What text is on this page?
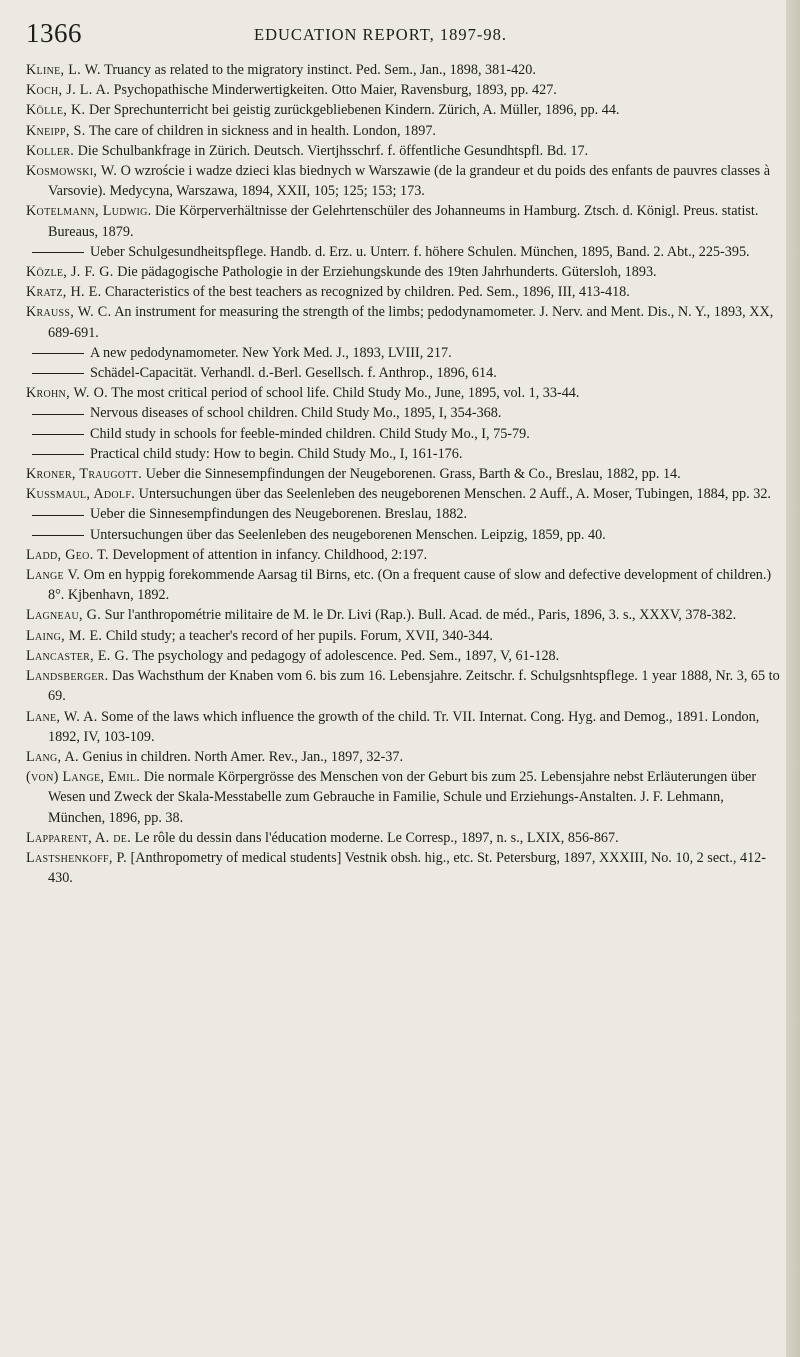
1366	EDUCATION REPORT, 1897-98.

Kline, L. W. Truancy as related to the migratory instinct. Ped. Sem., Jan., 1898, 381-420.

Koch, J. L. A. Psychopathische Minderwertigkeiten. Otto Maier, Ravensburg, 1893, pp. 427.

Kölle, K. Der Sprechunterricht bei geistig zurückgebliebenen Kindern. Zürich, A. Müller, 1896, pp. 44.

Kneipp, S. The care of children in sickness and in health. London, 1897.

Koller. Die Schulbankfrage in Zürich. Deutsch. Viertjhsschrf. f. öffentliche Gesundhtspfl. Bd. 17.

Kosmowski, W. O wzroście i wadze dzieci klas biednych w Warszawie (de la grandeur et du poids des enfants de pauvres classes à Varsovie). Medycyna, Warszawa, 1894, XXII, 105; 125; 153; 173.

Kotelmann, Ludwig. Die Körperverhältnisse der Gelehrtenschüler des Johanneums in Hamburg. Ztsch. d. Königl. Preus. statist. Bureaus, 1879.

Ueber Schulgesundheitspflege. Handb. d. Erz. u. Unterr. f. höhere Schulen. München, 1895, Band. 2. Abt., 225-395.

Közle, J. F. G. Die pädagogische Pathologie in der Erziehungskunde des 19ten Jahrhunderts. Gütersloh, 1893.

Kratz, H. E. Characteristics of the best teachers as recognized by children. Ped. Sem., 1896, III, 413-418.

Krauss, W. C. An instrument for measuring the strength of the limbs; pedodynamometer. J. Nerv. and Ment. Dis., N. Y., 1893, XX, 689-691.

A new pedodynamometer. New York Med. J., 1893, LVIII, 217.

Schädel-Capacität. Verhandl. d.-Berl. Gesellsch. f. Anthrop., 1896, 614.

Krohn, W. O. The most critical period of school life. Child Study Mo., June, 1895, vol. 1, 33-44.

Nervous diseases of school children. Child Study Mo., 1895, I, 354-368.

Child study in schools for feeble-minded children. Child Study Mo., I, 75-79.

Practical child study: How to begin. Child Study Mo., I, 161-176.

Kroner, Traugott. Ueber die Sinnesempfindungen der Neugeborenen. Grass, Barth & Co., Breslau, 1882, pp. 14.

Kussmaul, Adolf. Untersuchungen über das Seelenleben des neugeborenen Menschen. 2 Auff., A. Moser, Tubingen, 1884, pp. 32.

Ueber die Sinnesempfindungen des Neugeborenen. Breslau, 1882.

Untersuchungen über das Seelenleben des neugeborenen Menschen. Leipzig, 1859, pp. 40.

Ladd, Geo. T. Development of attention in infancy. Childhood, 2:197.

Lange V. Om en hyppig forekommende Aarsag til Birns, etc. (On a frequent cause of slow and defective development of children.) 8°. Kjbenhavn, 1892.

Lagneau, G. Sur l'anthropométrie militaire de M. le Dr. Livi (Rap.). Bull. Acad. de méd., Paris, 1896, 3. s., XXXV, 378-382.

Laing, M. E. Child study; a teacher's record of her pupils. Forum, XVII, 340-344.

Lancaster, E. G. The psychology and pedagogy of adolescence. Ped. Sem., 1897, V, 61-128.

Landsberger. Das Wachsthum der Knaben vom 6. bis zum 16. Lebensjahre. Zeitschr. f. Schulgsnhtspflege. 1 year 1888, Nr. 3, 65 to 69.

Lane, W. A. Some of the laws which influence the growth of the child. Tr. VII. Internat. Cong. Hyg. and Demog., 1891. London, 1892, IV, 103-109.

Lang, A. Genius in children. North Amer. Rev., Jan., 1897, 32-37.

(von) Lange, Emil. Die normale Körpergrösse des Menschen von der Geburt bis zum 25. Lebensjahre nebst Erläuterungen über Wesen und Zweck der Skala-Messtabelle zum Gebrauche in Familie, Schule und Erziehungs-Anstalten. J. F. Lehmann, München, 1896, pp. 38.

Lapparent, A. de. Le rôle du dessin dans l'éducation moderne. Le Corresp., 1897, n. s., LXIX, 856-867.

Lastshenkoff, P. [Anthropometry of medical students] Vestnik obsh. hig., etc. St. Petersburg, 1897, XXXIII, No. 10, 2 sect., 412-430.
